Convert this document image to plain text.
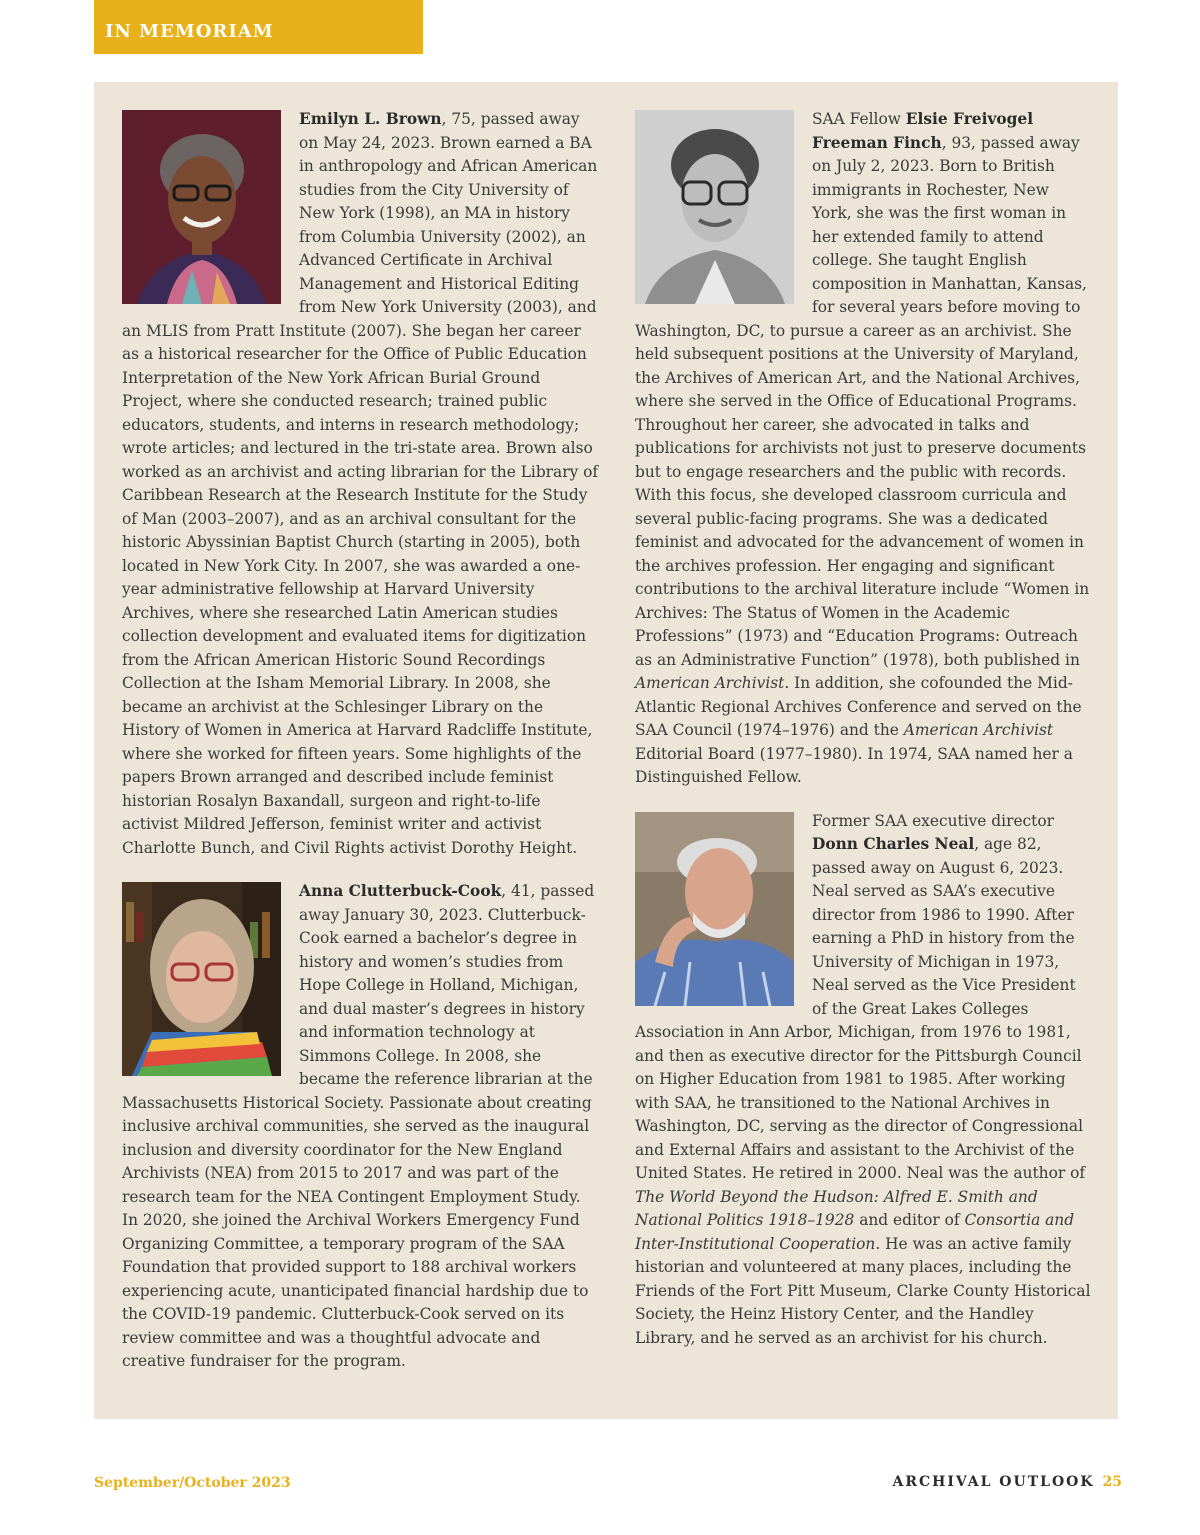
IN MEMORIAM
Emilyn L. Brown, 75, passed away on May 24, 2023. Brown earned a BA in anthropology and African American studies from the City University of New York (1998), an MA in history from Columbia University (2002), an Advanced Certificate in Archival Management and Historical Editing from New York University (2003), and an MLIS from Pratt Institute (2007). She began her career as a historical researcher for the Office of Public Education Interpretation of the New York African Burial Ground Project, where she conducted research; trained public educators, students, and interns in research methodology; wrote articles; and lectured in the tri-state area. Brown also worked as an archivist and acting librarian for the Library of Caribbean Research at the Research Institute for the Study of Man (2003–2007), and as an archival consultant for the historic Abyssinian Baptist Church (starting in 2005), both located in New York City. In 2007, she was awarded a one-year administrative fellowship at Harvard University Archives, where she researched Latin American studies collection development and evaluated items for digitization from the African American Historic Sound Recordings Collection at the Isham Memorial Library. In 2008, she became an archivist at the Schlesinger Library on the History of Women in America at Harvard Radcliffe Institute, where she worked for fifteen years. Some highlights of the papers Brown arranged and described include feminist historian Rosalyn Baxandall, surgeon and right-to-life activist Mildred Jefferson, feminist writer and activist Charlotte Bunch, and Civil Rights activist Dorothy Height.
Anna Clutterbuck-Cook, 41, passed away January 30, 2023. Clutterbuck-Cook earned a bachelor’s degree in history and women’s studies from Hope College in Holland, Michigan, and dual master’s degrees in history and information technology at Simmons College. In 2008, she became the reference librarian at the Massachusetts Historical Society. Passionate about creating inclusive archival communities, she served as the inaugural inclusion and diversity coordinator for the New England Archivists (NEA) from 2015 to 2017 and was part of the research team for the NEA Contingent Employment Study. In 2020, she joined the Archival Workers Emergency Fund Organizing Committee, a temporary program of the SAA Foundation that provided support to 188 archival workers experiencing acute, unanticipated financial hardship due to the COVID-19 pandemic. Clutterbuck-Cook served on its review committee and was a thoughtful advocate and creative fundraiser for the program.
SAA Fellow Elsie Freivogel Freeman Finch, 93, passed away on July 2, 2023. Born to British immigrants in Rochester, New York, she was the first woman in her extended family to attend college. She taught English composition in Manhattan, Kansas, for several years before moving to Washington, DC, to pursue a career as an archivist. She held subsequent positions at the University of Maryland, the Archives of American Art, and the National Archives, where she served in the Office of Educational Programs. Throughout her career, she advocated in talks and publications for archivists not just to preserve documents but to engage researchers and the public with records. With this focus, she developed classroom curricula and several public-facing programs. She was a dedicated feminist and advocated for the advancement of women in the archives profession. Her engaging and significant contributions to the archival literature include “Women in Archives: The Status of Women in the Academic Professions” (1973) and “Education Programs: Outreach as an Administrative Function” (1978), both published in American Archivist. In addition, she cofounded the Mid-Atlantic Regional Archives Conference and served on the SAA Council (1974–1976) and the American Archivist Editorial Board (1977–1980). In 1974, SAA named her a Distinguished Fellow.
Former SAA executive director Donn Charles Neal, age 82, passed away on August 6, 2023. Neal served as SAA’s executive director from 1986 to 1990. After earning a PhD in history from the University of Michigan in 1973, Neal served as the Vice President of the Great Lakes Colleges Association in Ann Arbor, Michigan, from 1976 to 1981, and then as executive director for the Pittsburgh Council on Higher Education from 1981 to 1985. After working with SAA, he transitioned to the National Archives in Washington, DC, serving as the director of Congressional and External Affairs and assistant to the Archivist of the United States. He retired in 2000. Neal was the author of The World Beyond the Hudson: Alfred E. Smith and National Politics 1918–1928 and editor of Consortia and Inter-Institutional Cooperation. He was an active family historian and volunteered at many places, including the Friends of the Fort Pitt Museum, Clarke County Historical Society, the Heinz History Center, and the Handley Library, and he served as an archivist for his church.
September/October 2023	ARCHIVAL OUTLOOK 25
